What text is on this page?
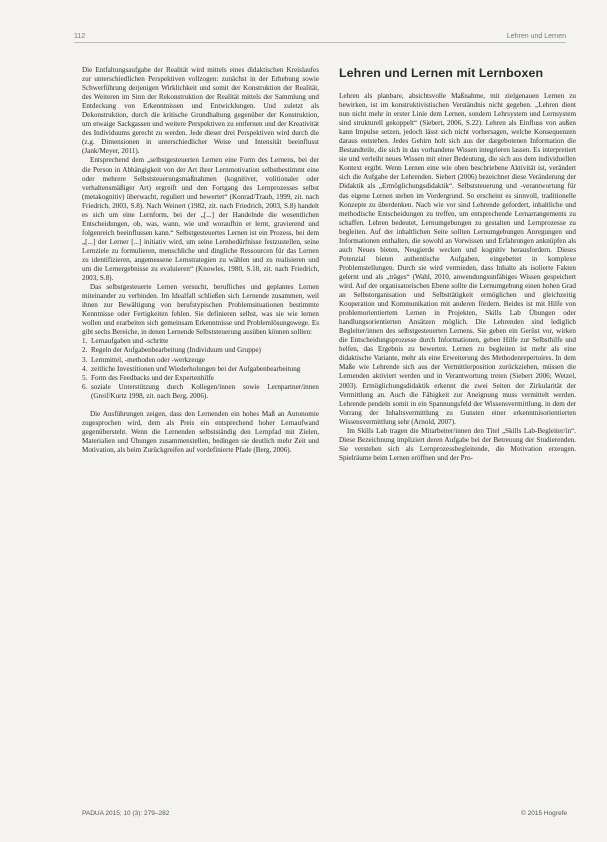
112	Lehren und Lernen

Die Entfaltungsaufgabe der Realität wird mittels eines didaktischen Kreislaufes zur unterschiedlichen Perspektiven vollzogen: zunächst in der Erhebung sowie Schwerführung derjenigen Wirklichkeit und somit der Konstruktion der Realität, des Weiteren im Sinn der Rekonstruktion der Realität mittels der Sammlung und Entdeckung von Erkenntnissen und Entwicklungen. Und zuletzt als Dekonstruktion, durch die kritische Grundhaltung gegenüber der Konstruktion, um etwaige Sackgassen und weitere Perspektiven zu entfernen und der Kreativität des Individuums gerecht zu werden. Jede dieser drei Perspektiven wird durch die (z.g. Dimensionen in unterschiedlicher Weise und Intensität beeinflusst (Jank/Meyer, 2011).

Entsprechend dem „selbstgesteuerten Lernen eine Form des Lernens, bei der die Person in Abhängigkeit von der Art ihrer Lernmotivation selbstbestimmt eine oder mehrere Selbststeuerungsmaßnahmen (kognitiver, volitionaler oder verhaltensmäßiger Art) ergreift und den Fortgang des Lernprozesses selbst (metakognitiv) überwacht, reguliert und bewertet“ (Konrad/Traub, 1999, zit. nach Friedrich, 2003, S.8). Nach Weinert (1982, zit. nach Friedrich, 2003, S.8) handelt es sich um eine Lernform, bei der „[...] der Handelnde die wesentlichen Entscheidungen, ob, was, wann, wie und woraufhin er lernt, gravierend und folgenreich beeinflussen kann.“ Selbstgesteuertes Lernen ist ein Prozess, bei dem „[...] der Lerner [...] initiativ wird, um seine Lernbedürfnisse festzustellen, seine Lernziele zu formulieren, menschliche und dingliche Ressourcen für das Lernen zu identifizieren, angemessene Lernstrategien zu wählen und zu realisieren und um die Lernergebnisse zu evaluieren“ (Knowles, 1980, S.18, zit. nach Friedrich, 2003, S.8).

Das selbstgesteuerte Lernen versucht, berufliches und geplantes Lernen miteinander zu verbinden. Im Idealfall schließen sich Lernende zusammen, weil ihnen zur Bewältigung von berufstypischen Problemsituationen bestimmte Kenntnisse oder Fertigkeiten fehlen. Sie definieren selbst, was sie wie lernen wollen und erarbeiten sich gemeinsam Erkenntnisse und Problemlösungswege. Es gibt sechs Bereiche, in denen Lernende Selbststeuerung ausüben können sollten:

1. Lernaufgaben und -schritte
2. Regeln der Aufgabenbearbeitung (Individuum und Gruppe)
3. Lernmittel, -methoden oder -werkzeuge
4. zeitliche Investitionen und Wiederholungen bei der Aufgabenbearbeitung
5. Form des Feedbacks und der Expertenhilfe
6. soziale Unterstützung durch Kollegen/innen sowie Lernpartner/innen (Greif/Kurtz 1998, zit. nach Berg, 2006).

Die Ausführungen zeigen, dass den Lernenden ein hohes Maß an Autonomie zugesprochen wird, dem als Preis ein entsprechend hoher Lernaufwand gegenübersteht. Wenn die Lernenden selbstständig den Lernpfad mit Zielen, Materialien und Übungen zusammenstellen, bedingen sie deutlich mehr Zeit und Motivation, als beim Zurückgreifen auf vordefinierte Pfade (Berg, 2006).

Lehren und Lernen mit Lernboxen

Lehren als planbare, absichtsvolle Maßnahme, mit zielgenauen Lernen zu bewirken, ist im konstruktivistischen Verständnis nicht gegeben. „Lehren dient nun nicht mehr in erster Linie dem Lernen, sondern Lehrsystem und Lernsystem sind strukturell gekoppelt“ (Siebert, 2006, S.22). Lehren als Einfluss von außen kann Impulse setzen, jedoch lässt sich nicht vorhersagen, welche Konsequenzen daraus entstehen. Jedes Gehirn holt sich aus der dargebotenen Information die Bestandteile, die sich in das vorhandene Wissen integrieren lassen. Es interpretiert sie und verleiht neues Wissen mit einer Bedeutung, die sich aus dem individuellen Kontext ergibt. Wenn Lernen eine wie oben beschriebene Aktivität ist, verändert sich die Aufgabe der Lehrenden. Siebert (2006) bezeichnet diese Veränderung der Didaktik als „Ermöglichungsdidaktik“. Selbststeuerung und -verantwortung für das eigene Lernen stehen im Vordergrund. So erscheint es sinnvoll, traditionelle Konzepte zu überdenken. Nach wie vor sind Lehrende gefordert, inhaltliche und methodische Entscheidungen zu treffen, um entsprechende Lernarrangements zu schaffen. Lehren bedeutet, Lernumgebungen zu gestalten und Lernprozesse zu begleiten. Auf der inhaltlichen Seite sollten Lernumgebungen Anregungen und Informationen enthalten, die sowohl an Vorwissen und Erfahrungen anknüpfen als auch Neues bieten, Neugierde wecken und kognitiv herausfordern. Dieses Potenzial bieten authentische Aufgaben, eingebettet in komplexe Problemstellungen. Durch sie wird vermieden, dass Inhalte als isolierte Fakten gelernt und als „träges“ (Wahl, 2010, anwendungsunfähiges Wissen gespeichert wird. Auf der organisatorischen Ebene sollte die Lernumgebung einen hohen Grad an Selbstorganisation und Selbsttätigkeit ermöglichen und gleichzeitig Kooperation und Kommunikation mit anderen fördern. Beides ist mit Hilfe von problemorientiertem Lernen in Projekten, Skills Lab Übungen oder handlungsorientierten Ansätzen möglich. Die Lehrenden sind lediglich Begleiter/innen des selbstgesteuerten Lernens. Sie geben ein Gerüst vor, wirken die Entscheidungsprozesse durch Informationen, geben Hilfe zur Selbsthilfe und helfen, das Ergebnis zu bewerten. Lernen zu begleiten ist mehr als eine didaktische Variante, mehr als eine Erweiterung des Methodenrepertoires. In dem Maße wie Lehrende sich aus der Vermittlerposition zurückziehen, müssen die Lernenden aktiviert werden und in Verantwortung treten (Siebert 2006; Wetzel, 2003). Ermöglichungsdidaktik erkennt die zwei Seiten der Zirkularität der Vermittlung an. Auch die Fähigkeit zur Aneignung muss vermittelt werden. Lehrende pendeln somit in ein Spannungsfeld der Wissensvermittlung, in dem der Vorrang der Inhaltsvermittlung zu Gunsten einer erkenntnisorientierten Wissensvermittlung sehr (Arnold, 2007).

Im Skills Lab tragen die Mitarbeiter/innen den Titel „Skills Lab-Begleiter/in“. Diese Bezeichnung impliziert deren Aufgabe bei der Betreuung der Studierenden. Sie verstehen sich als Lernprozessbegleitende, die Motivation erzeugen. Spielräume beim Lernen eröffnen und der Pro-

PADUA 2015; 10 (3): 279–282	© 2015 Hogrefe
